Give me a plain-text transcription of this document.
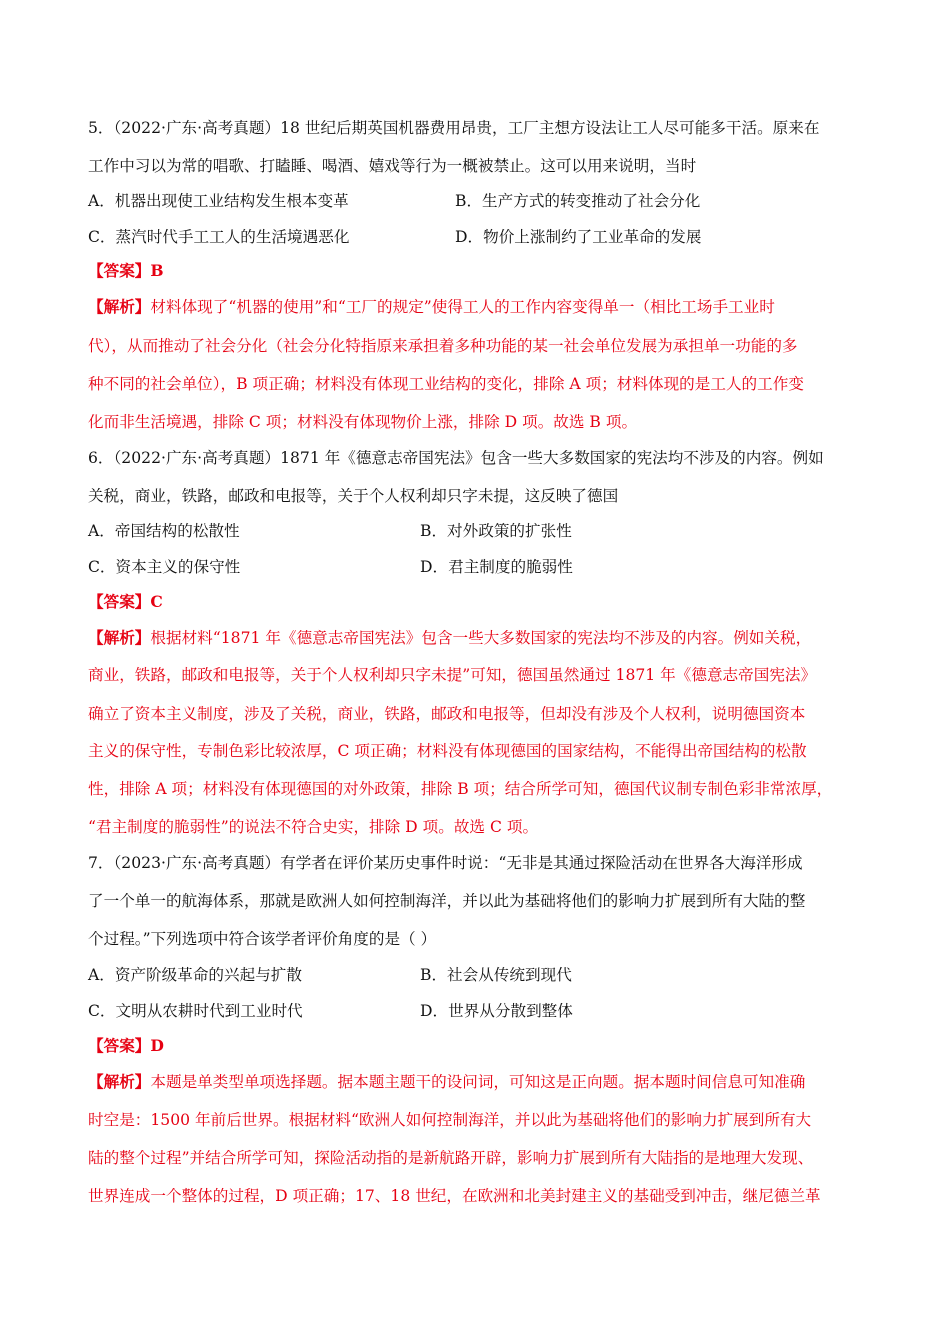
5．（2022·广东·高考真题）18 世纪后期英国机器费用昂贵，工厂主想方设法让工人尽可能多干活。原来在
工作中习以为常的唱歌、打瞌睡、喝酒、嬉戏等行为一概被禁止。这可以用来说明，当时
A．机器出现使工业结构发生根本变革	B．生产方式的转变推动了社会分化
C．蒸汽时代手工工人的生活境遇恶化	D．物价上涨制约了工业革命的发展
【答案】B
【解析】材料体现了“机器的使用”和“工厂的规定”使得工人的工作内容变得单一（相比工场手工业时
代），从而推动了社会分化（社会分化特指原来承担着多种功能的某一社会单位发展为承担单一功能的多
种不同的社会单位），B 项正确；材料没有体现工业结构的变化，排除 A 项；材料体现的是工人的工作变
化而非生活境遇，排除 C 项；材料没有体现物价上涨，排除 D 项。故选 B 项。
6．（2022·广东·高考真题）1871 年《德意志帝国宪法》包含一些大多数国家的宪法均不涉及的内容。例如
关税，商业，铁路，邮政和电报等，关于个人权利却只字未提，这反映了德国
A．帝国结构的松散性	B．对外政策的扩张性
C．资本主义的保守性	D．君主制度的脆弱性
【答案】C
【解析】根据材料“1871 年《德意志帝国宪法》包含一些大多数国家的宪法均不涉及的内容。例如关税，
商业，铁路，邮政和电报等，关于个人权利却只字未提”可知，德国虽然通过 1871 年《德意志帝国宪法》
确立了资本主义制度，涉及了关税，商业，铁路，邮政和电报等，但却没有涉及个人权利，说明德国资本
主义的保守性，专制色彩比较浓厚，C 项正确；材料没有体现德国的国家结构，不能得出帝国结构的松散
性，排除 A 项；材料没有体现德国的对外政策，排除 B 项；结合所学可知，德国代议制专制色彩非常浓厚，
“君主制度的脆弱性”的说法不符合史实，排除 D 项。故选 C 项。
7．（2023·广东·高考真题）有学者在评价某历史事件时说：“无非是其通过探险活动在世界各大海洋形成
了一个单一的航海体系，那就是欧洲人如何控制海洋，并以此为基础将他们的影响力扩展到所有大陆的整
个过程。”下列选项中符合该学者评价角度的是（ ）
A．资产阶级革命的兴起与扩散	B．社会从传统到现代
C．文明从农耕时代到工业时代	D．世界从分散到整体
【答案】D
【解析】本题是单类型单项选择题。据本题主题干的设问词，可知这是正向题。据本题时间信息可知准确
时空是：1500 年前后世界。根据材料“欧洲人如何控制海洋，并以此为基础将他们的影响力扩展到所有大
陆的整个过程”并结合所学可知，探险活动指的是新航路开辟，影响力扩展到所有大陆指的是地理大发现、
世界连成一个整体的过程，D 项正确；17、18 世纪，在欧洲和北美封建主义的基础受到冲击，继尼德兰革
